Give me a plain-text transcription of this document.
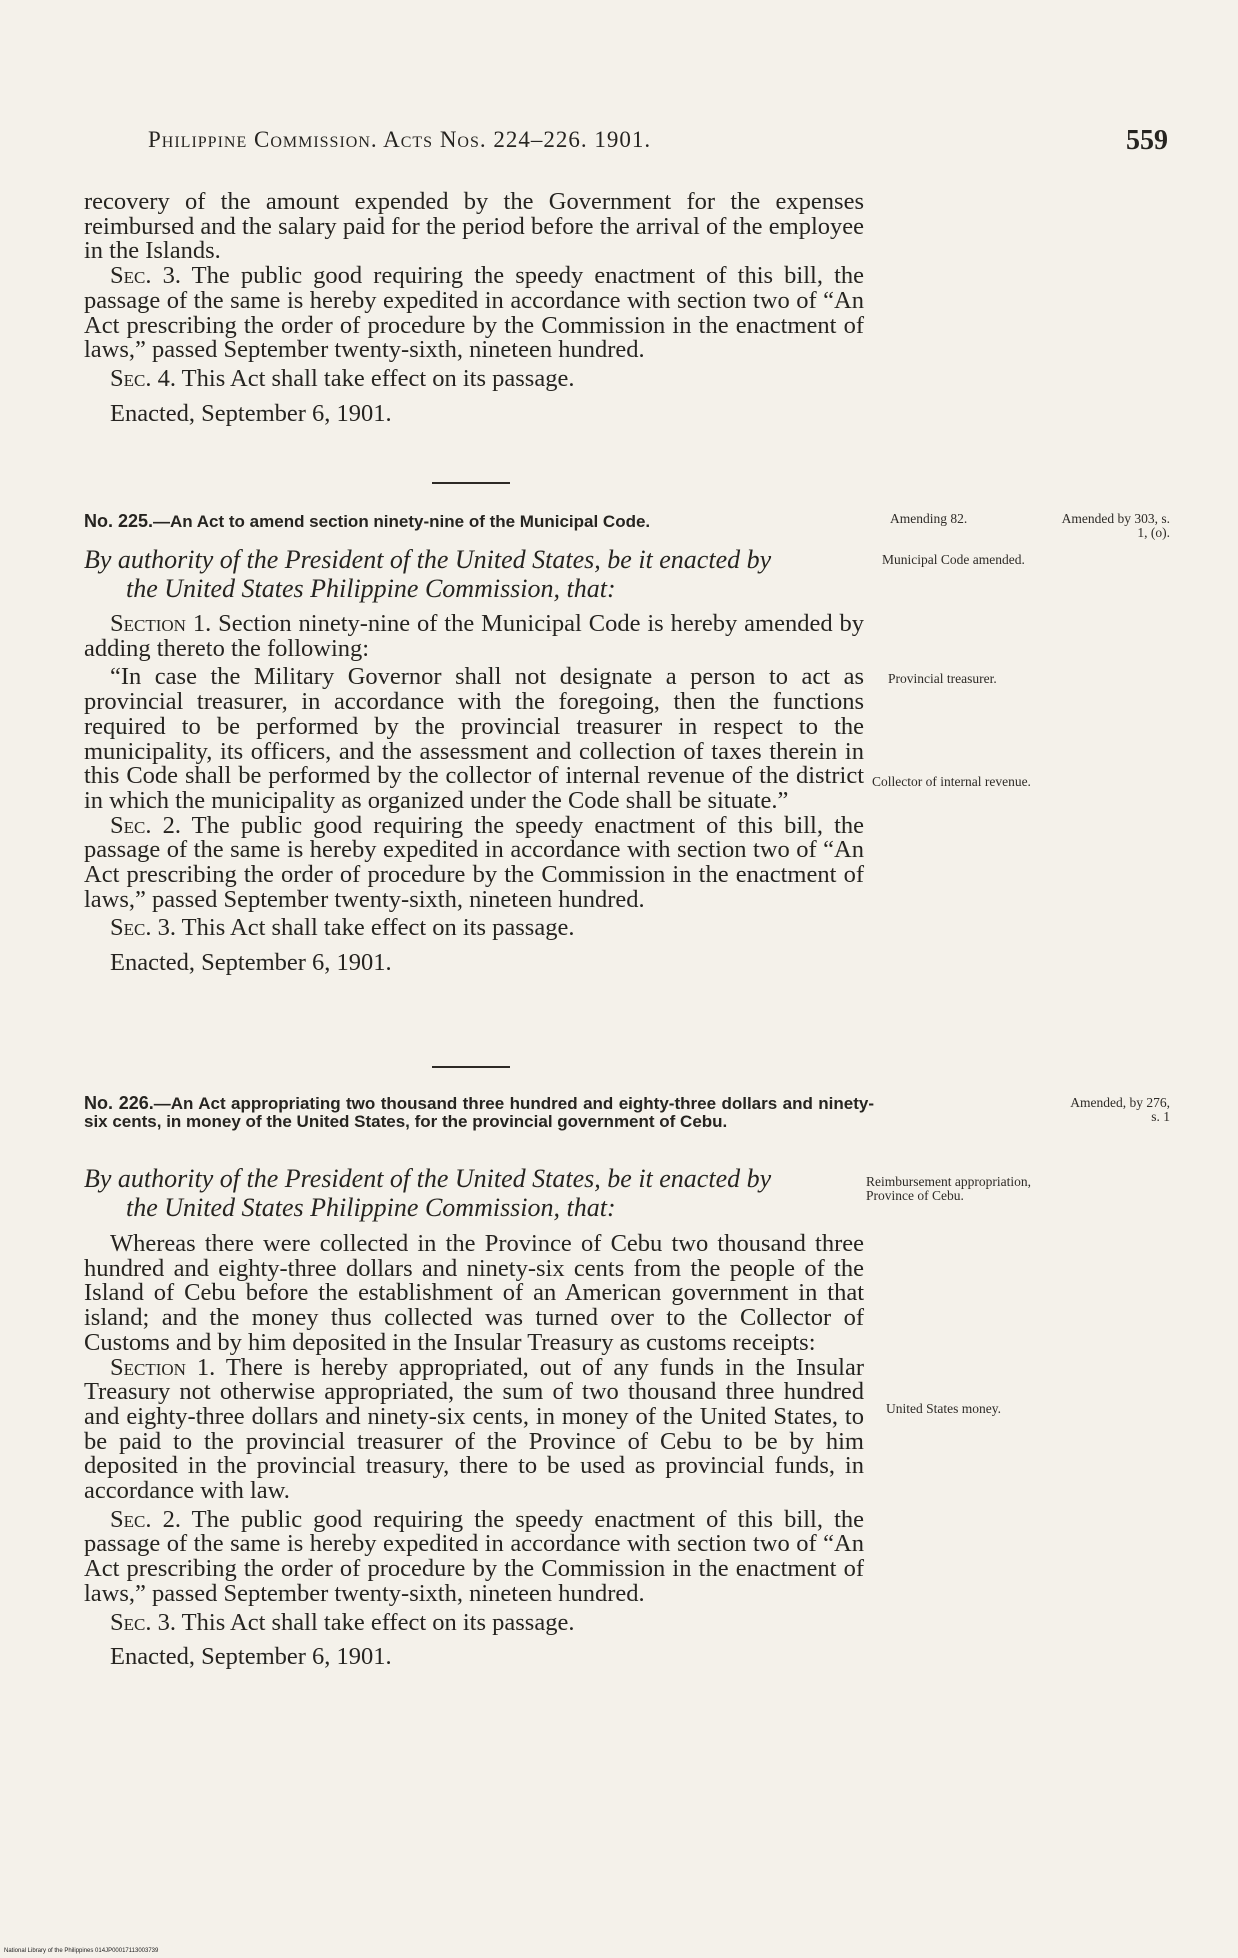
Philippine Commission. Acts Nos. 224–226. 1901.	559

recovery of the amount expended by the Government for the expenses reimbursed and the salary paid for the period before the arrival of the employee in the Islands.

Sec. 3. The public good requiring the speedy enactment of this bill, the passage of the same is hereby expedited in accordance with section two of “An Act prescribing the order of procedure by the Commission in the enactment of laws,” passed September twenty-sixth, nineteen hundred.

Sec. 4. This Act shall take effect on its passage.

Enacted, September 6, 1901.

No. 225.—An Act to amend section ninety-nine of the Municipal Code.
By authority of the President of the United States, be it enacted by
the United States Philippine Commission, that:

Section 1. Section ninety-nine of the Municipal Code is hereby amended by adding thereto the following:

“In case the Military Governor shall not designate a person to act as provincial treasurer, in accordance with the foregoing, then the functions required to be performed by the provincial treasurer in respect to the municipality, its officers, and the assessment and collection of taxes therein in this Code shall be performed by the collector of internal revenue of the district in which the municipality as organized under the Code shall be situate.”

Sec. 2. The public good requiring the speedy enactment of this bill, the passage of the same is hereby expedited in accordance with section two of “An Act prescribing the order of procedure by the Commission in the enactment of laws,” passed September twenty-sixth, nineteen hundred.

Sec. 3. This Act shall take effect on its passage.

Enacted, September 6, 1901.

No. 226.—An Act appropriating two thousand three hundred and eighty-three dollars and ninety-six cents, in money of the United States, for the provincial government of Cebu.
By authority of the President of the United States, be it enacted by
the United States Philippine Commission, that:

Whereas there were collected in the Province of Cebu two thousand three hundred and eighty-three dollars and ninety-six cents from the people of the Island of Cebu before the establishment of an American government in that island; and the money thus collected was turned over to the Collector of Customs and by him deposited in the Insular Treasury as customs receipts:

Section 1. There is hereby appropriated, out of any funds in the Insular Treasury not otherwise appropriated, the sum of two thousand three hundred and eighty-three dollars and ninety-six cents, in money of the United States, to be paid to the provincial treasurer of the Province of Cebu to be by him deposited in the provincial treasury, there to be used as provincial funds, in accordance with law.

Sec. 2. The public good requiring the speedy enactment of this bill, the passage of the same is hereby expedited in accordance with section two of “An Act prescribing the order of procedure by the Commission in the enactment of laws,” passed September twenty-sixth, nineteen hundred.

Sec. 3. This Act shall take effect on its passage.

Enacted, September 6, 1901.

Amending 82.	Amended by 303, s. 1, (o).
Municipal Code amended.
Provincial treasurer.
Collector of internal revenue.
Amended, by 276, s. 1
Reimbursement appropriation, Province of Cebu.
United States money.
National Library of the Philippines 014JP00017113003739
